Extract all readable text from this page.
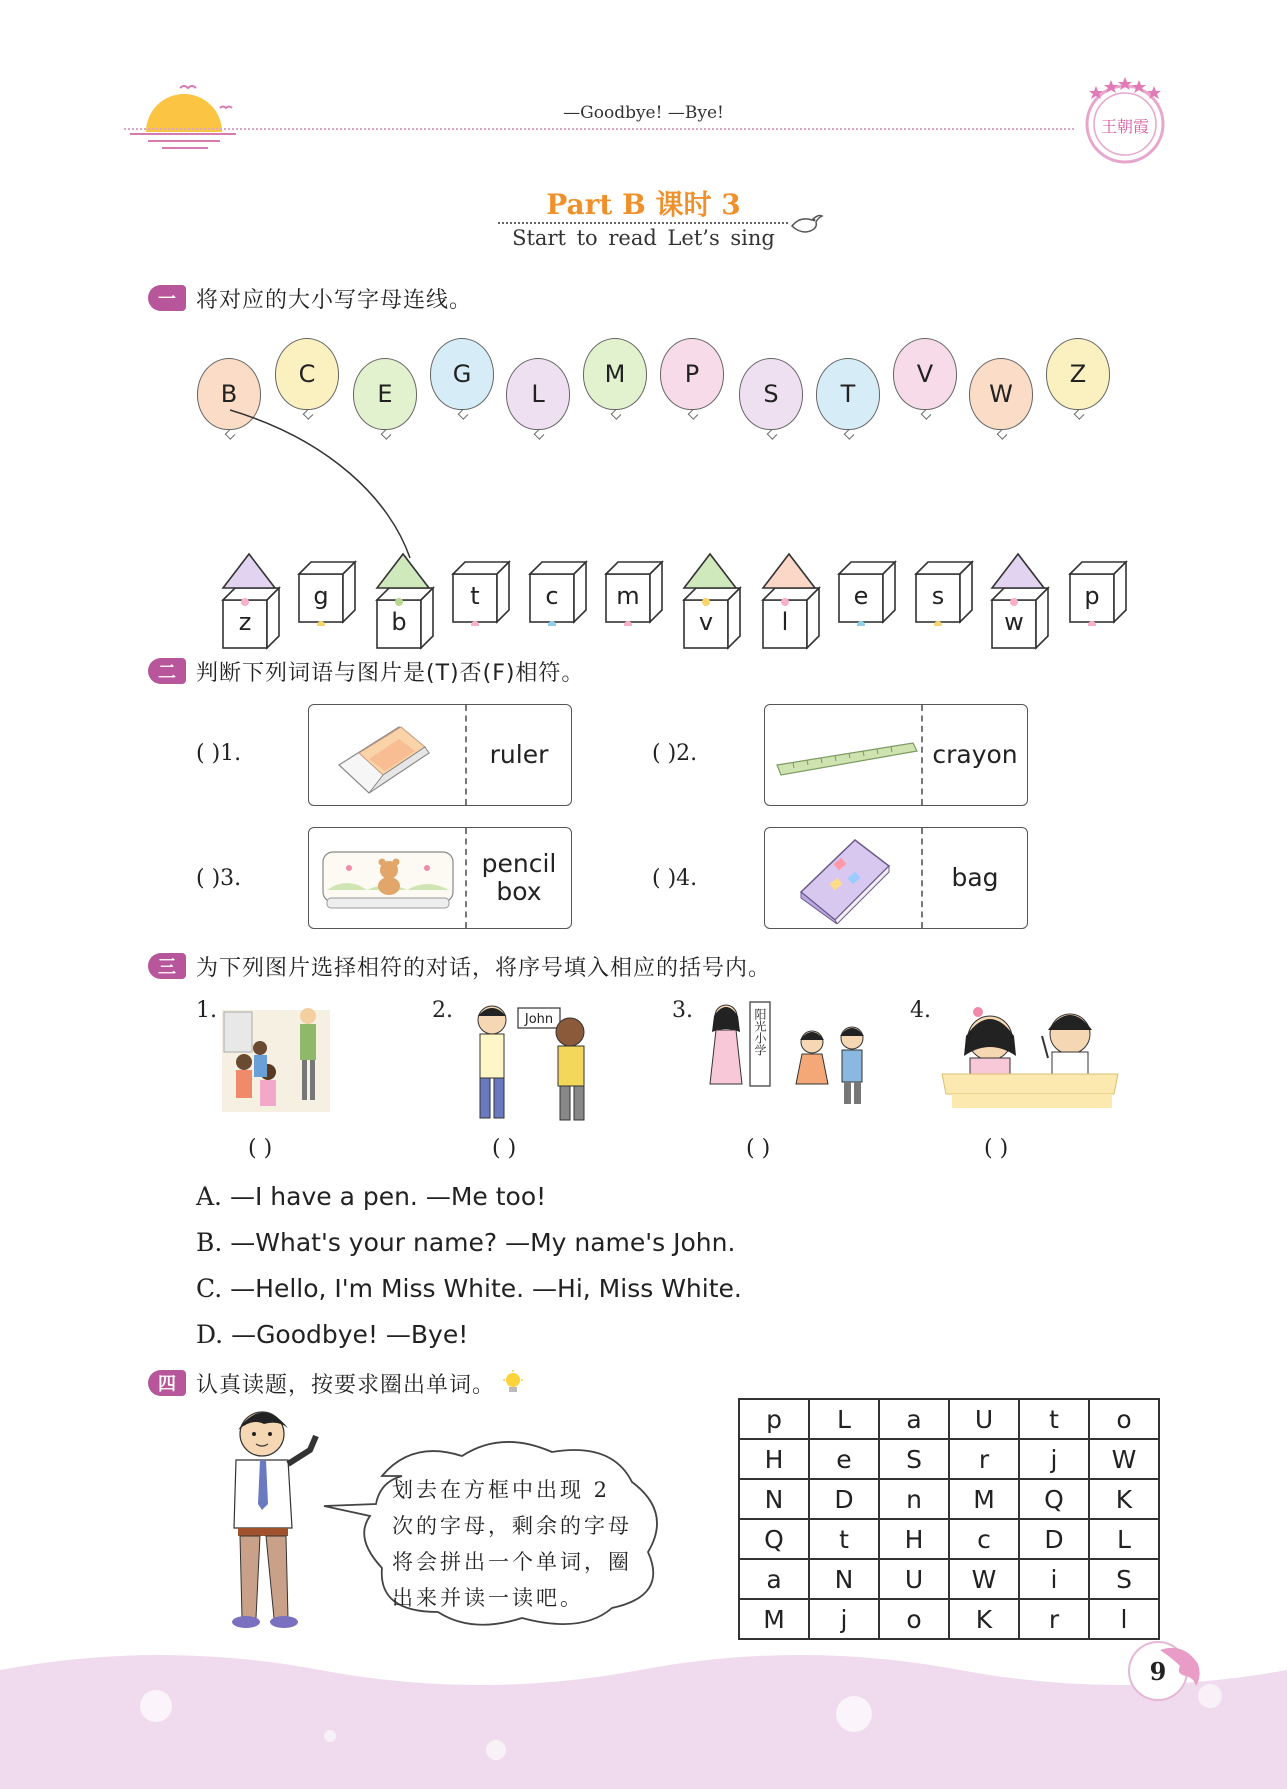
—Goodbye! —Bye!
王朝霞
Part B 课时 3
Start to read Let’s sing
一 将对应的大小写字母连线。
B
C
E
G
L
M	P
S	T
V
W
Z
z
g
b
t	c	m
v	l
e	s
w
p
二 判断下列词语与图片是(T)否(F)相符。
( )1.	ruler	( )2.	crayon
( )3.
pencil box	( )4.	bag
三 为下列图片选择相符的对话，将序号填入相应的括号内。
1.
( )
2.	John
( )
3.	阳光小学
( )
4.
( )
A. —I have a pen. —Me too!
B. —What's your name? —My name's John.
C. —Hello, I'm Miss White. —Hi, Miss White.
D. —Goodbye! —Bye!
四 认真读题，按要求圈出单词。
划去在方框中出现 2
次的字母，剩余的字母
将会拼出一个单词，圈
出来并读一读吧。
p	L	a	U	t	o
H	e	S	r	j	W
N	D	n	M	Q	K
Q	t	H	c	D	L
a	N	U	W	i	S
M	j	o	K	r	l
9
